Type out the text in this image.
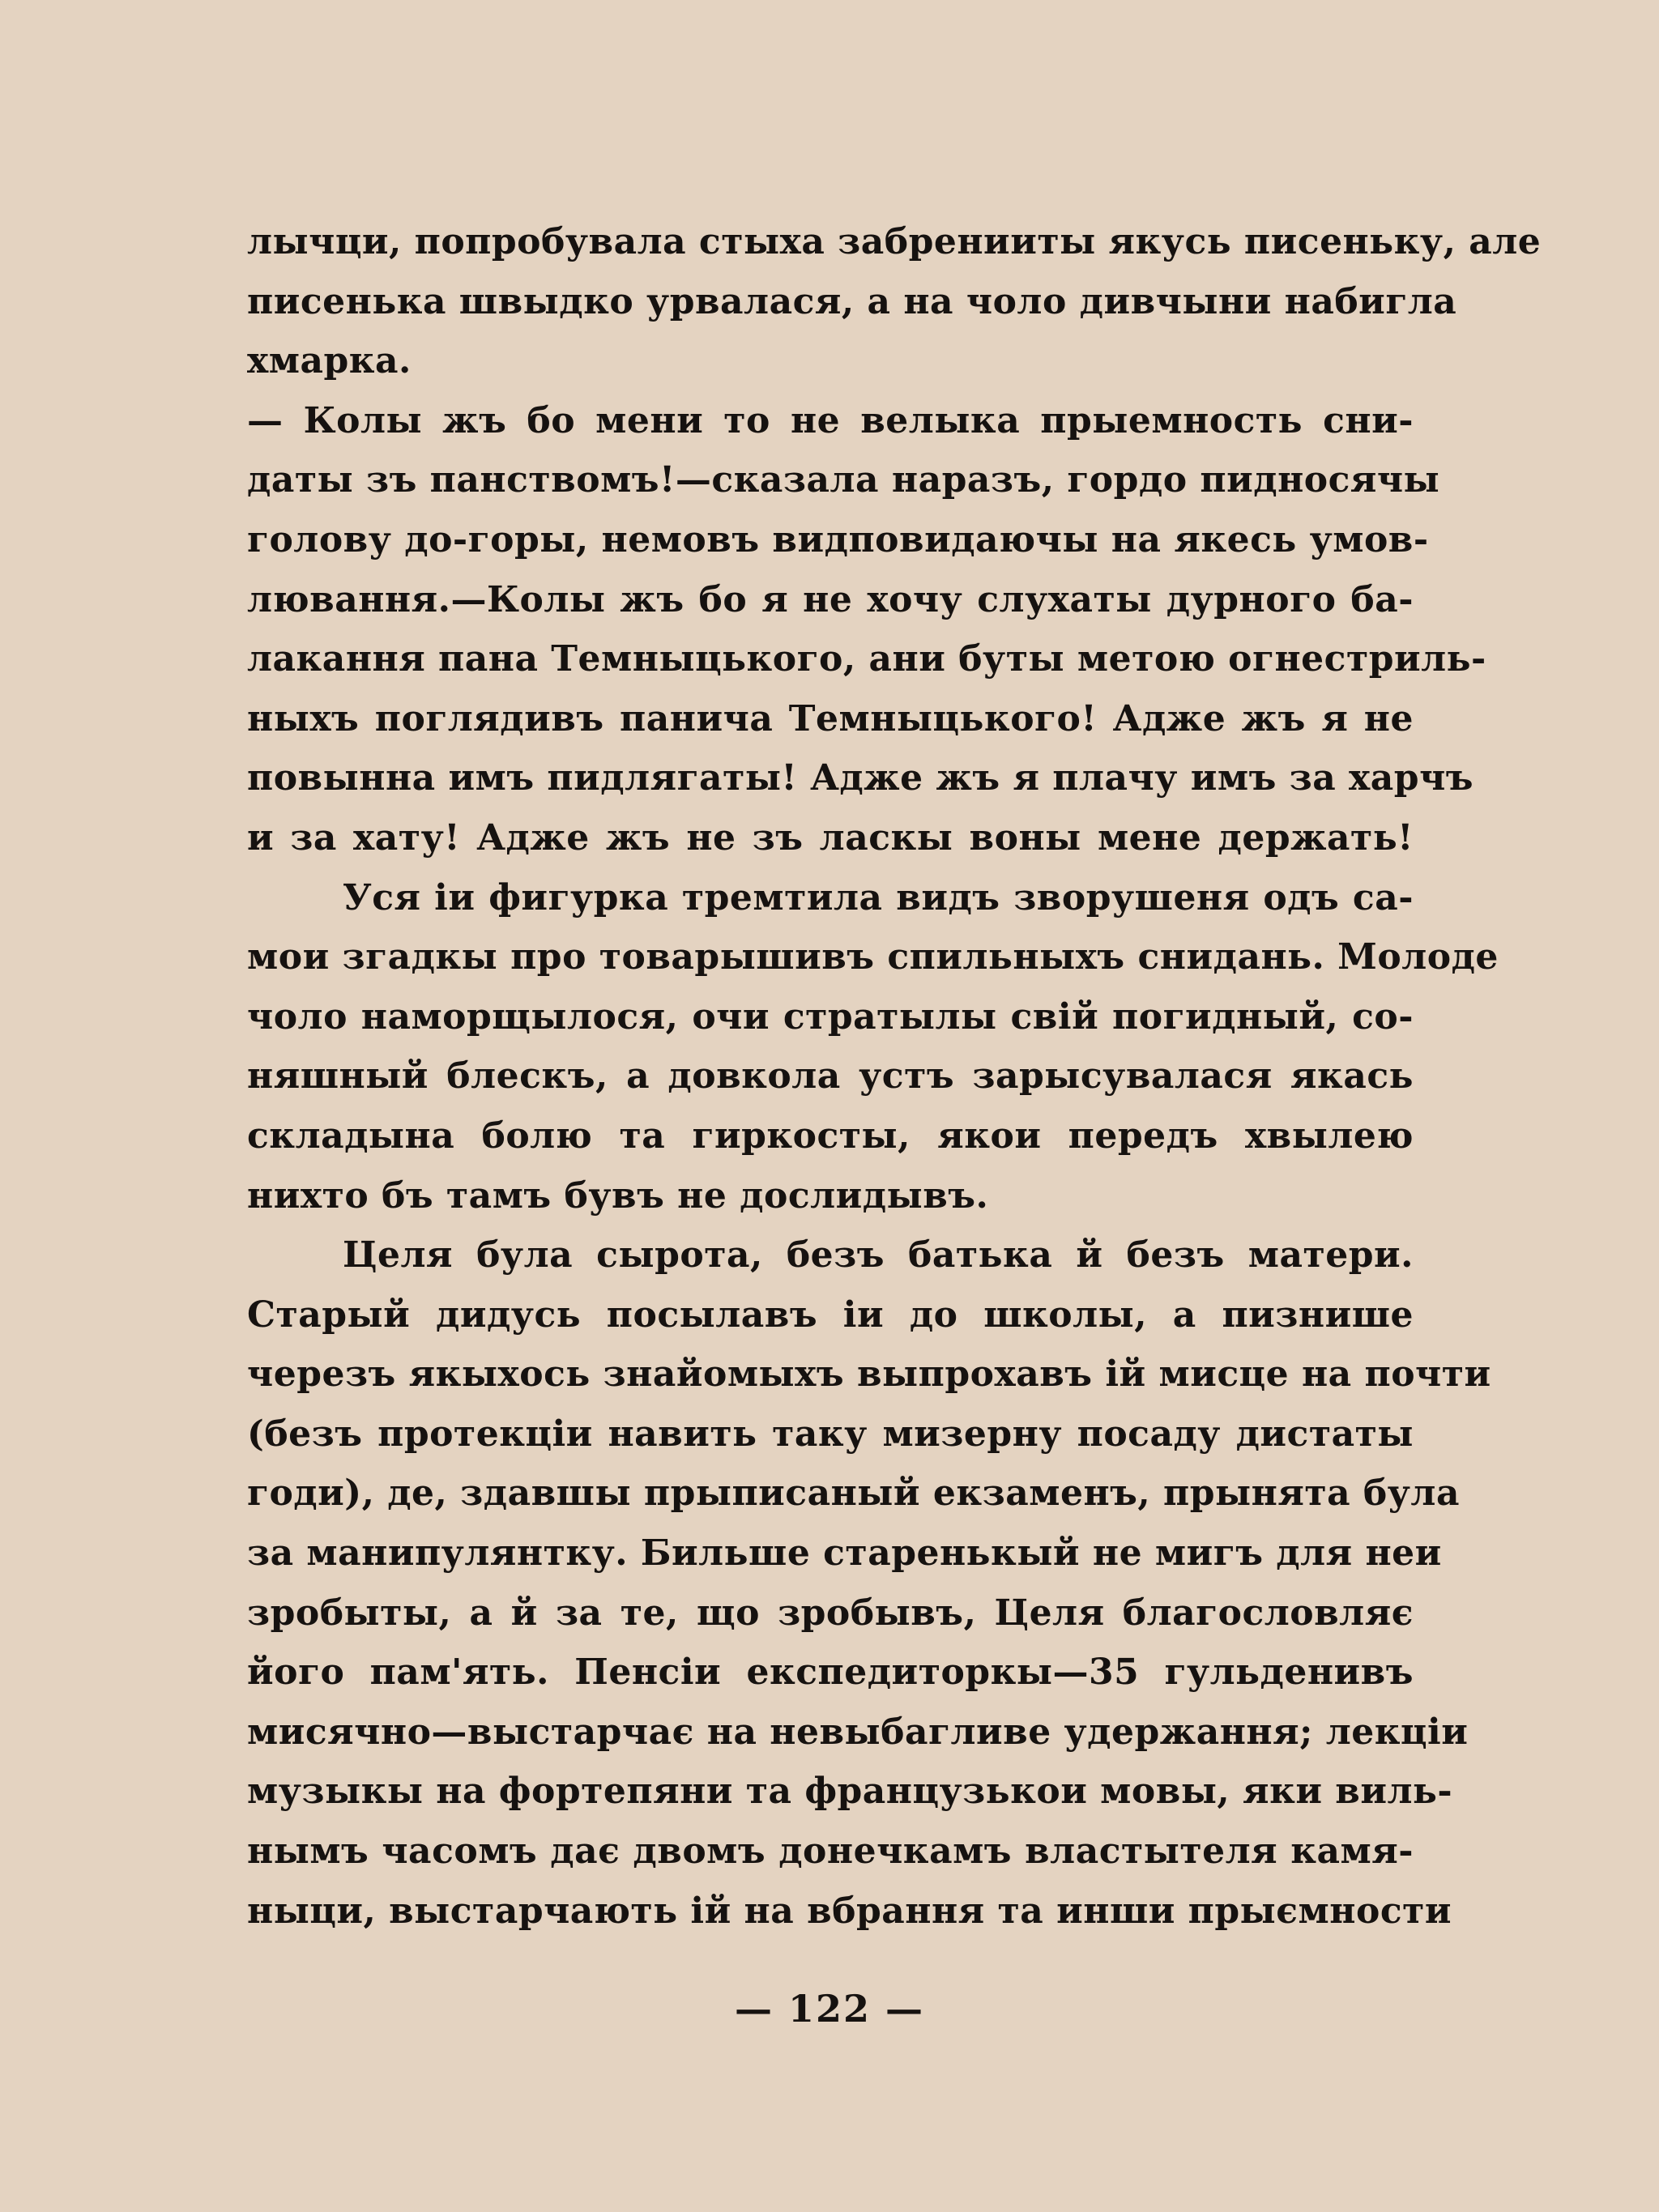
лычци, попробувала стыха забренииты якусь писеньку, але
писенька швыдко урвалася, а на чоло дивчыни набигла
хмарка.
— Колы жъ бо мени то не велыка прыемность сни-
даты зъ панствомъ!—сказала наразъ, гордо пидносячы
голову до-горы, немовъ видповидаючы на якесь умов-
лювання.—Колы жъ бо я не хочу слухаты дурного ба-
лакання пана Темныцького, ани буты метою огнестриль-
ныхъ поглядивъ панича Темныцького! Адже жъ я не
повынна имъ пидлягаты! Адже жъ я плачу имъ за харчъ
и за хату! Адже жъ не зъ ласкы воны мене держать!
Уся іи фигурка тремтила видъ зворушеня одъ са-
мои згадкы про товарышивъ спильныхъ снидань. Молоде
чоло наморщылося, очи стратылы свій погидный, со-
няшный блескъ, а довкола устъ зарысувалася якась
складына болю та гиркосты, якои передъ хвылею
нихто бъ тамъ бувъ не дослидывъ.
Целя була сырота, безъ батька й безъ матери.
Старый дидусь посылавъ іи до школы, а пизнише
черезъ якыхось знайомыхъ выпрохавъ ій мисце на почти
(безъ протекціи навить таку мизерну посаду дистаты
годи), де, здавшы прыписаный екзаменъ, прынята була
за манипулянтку. Бильше старенькый не мигъ для неи
зробыты, а й за те, що зробывъ, Целя благословляє
його пам'ять. Пенсіи експедиторкы—35 гульденивъ
мисячно—выстарчає на невыбагливе удержання; лекціи
музыкы на фортепяни та французькои мовы, яки виль-
нымъ часомъ дає двомъ донечкамъ властытеля камя-
ныци, выстарчають ій на вбрання та инши прыємности
— 122 —
